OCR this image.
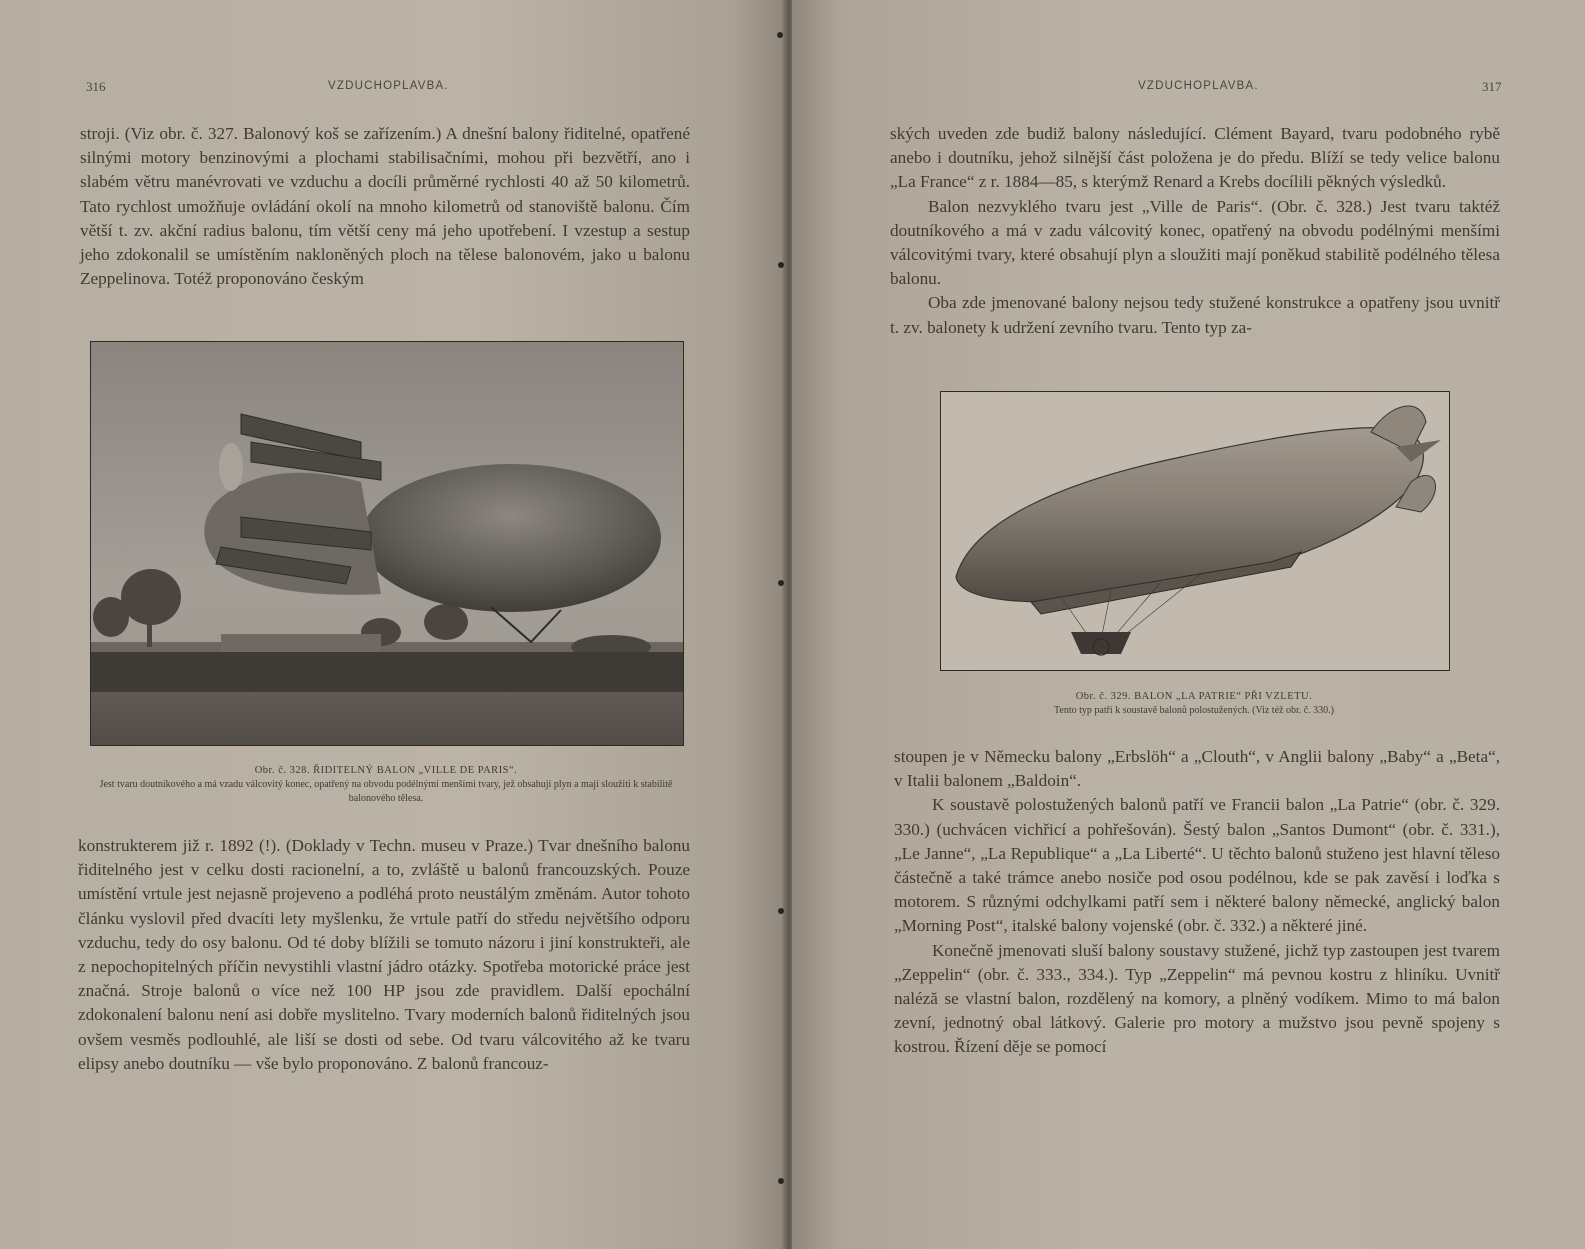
316	VZDUCHOPLAVBA.

stroji. (Viz obr. č. 327. Balonový koš se zařízením.) A dnešní balony řiditelné, opatřené silnými motory benzinovými a plochami stabilisačními, mohou při bezvětří, ano i slabém větru manévrovati ve vzduchu a docíli průměrné rychlosti 40 až 50 kilometrů. Tato rychlost umožňuje ovládání okolí na mnoho kilometrů od stanoviště balonu. Čím větší t. zv. akční radius balonu, tím větší ceny má jeho upotřebení. I vzestup a sestup jeho zdokonalil se umístěním nakloněných ploch na tělese balonovém, jako u balonu Zeppelinova. Totéž proponováno českým

Obr. č. 328. ŘIDITELNÝ BALON „VILLE DE PARIS“.
Jest tvaru doutníkového a má vzadu válcovitý konec, opatřený na obvodu podélnými menšími tvary, jež obsahují plyn a mají sloužiti k stabilitě balonového tělesa.

konstrukterem již r. 1892 (!). (Doklady v Techn. museu v Praze.) Tvar dnešního balonu řiditelného jest v celku dosti racionelní, a to, zvláště u balonů francouzských. Pouze umístění vrtule jest nejasně projeveno a podléhá proto neustálým změnám. Autor tohoto článku vyslovil před dvacíti lety myšlenku, že vrtule patří do středu největšího odporu vzduchu, tedy do osy balonu. Od té doby blížili se tomuto názoru i jiní konstrukteři, ale z nepochopitelných příčin nevystihli vlastní jádro otázky. Spotřeba motorické práce jest značná. Stroje balonů o více než 100 HP jsou zde pravidlem. Další epochální zdokonalení balonu není asi dobře myslitelno. Tvary moderních balonů řiditelných jsou ovšem vesměs podlouhlé, ale liší se dosti od sebe. Od tvaru válcovitého až ke tvaru elipsy anebo doutníku — vše bylo proponováno. Z balonů francouz-

VZDUCHOPLAVBA.	317

ských uveden zde budiž balony následující. Clément Bayard, tvaru podobného rybě anebo i doutníku, jehož silnější část položena je do předu. Blíží se tedy velice balonu „La France“ z r. 1884—85, s kterýmž Renard a Krebs docílili pěkných výsledků.

Balon nezvyklého tvaru jest „Ville de Paris“. (Obr. č. 328.) Jest tvaru taktéž doutníkového a má v zadu válcovitý konec, opatřený na obvodu podélnými menšími válcovitými tvary, které obsahují plyn a sloužiti mají poněkud stabilitě podélného tělesa balonu.

Oba zde jmenované balony nejsou tedy stužené konstrukce a opatřeny jsou uvnitř t. zv. balonety k udržení zevního tvaru. Tento typ za-

Obr. č. 329. BALON „LA PATRIE“ PŘI VZLETU.
Tento typ patří k soustavě balonů polostužených. (Viz též obr. č. 330.)

stoupen je v Německu balony „Erbslöh“ a „Clouth“, v Anglii balony „Baby“ a „Beta“, v Italii balonem „Baldoin“.

K soustavě polostužených balonů patří ve Francii balon „La Patrie“ (obr. č. 329. 330.) (uchvácen vichřicí a pohřešován). Šestý balon „Santos Dumont“ (obr. č. 331.), „Le Janne“, „La Republique“ a „La Liberté“. U těchto balonů stuženo jest hlavní těleso částečně a také trámce anebo nosiče pod osou podélnou, kde se pak zavěsí i loďka s motorem. S různými odchylkami patří sem i některé balony německé, anglický balon „Morning Post“, italské balony vojenské (obr. č. 332.) a některé jiné.

Konečně jmenovati sluší balony soustavy stužené, jichž typ zastoupen jest tvarem „Zeppelin“ (obr. č. 333., 334.). Typ „Zeppelin“ má pevnou kostru z hliníku. Uvnitř naléză se vlastní balon, rozdělený na komory, a plněný vodíkem. Mimo to má balon zevní, jednotný obal látkový. Galerie pro motory a mužstvo jsou pevně spojeny s kostrou. Řízení děje se pomocí
